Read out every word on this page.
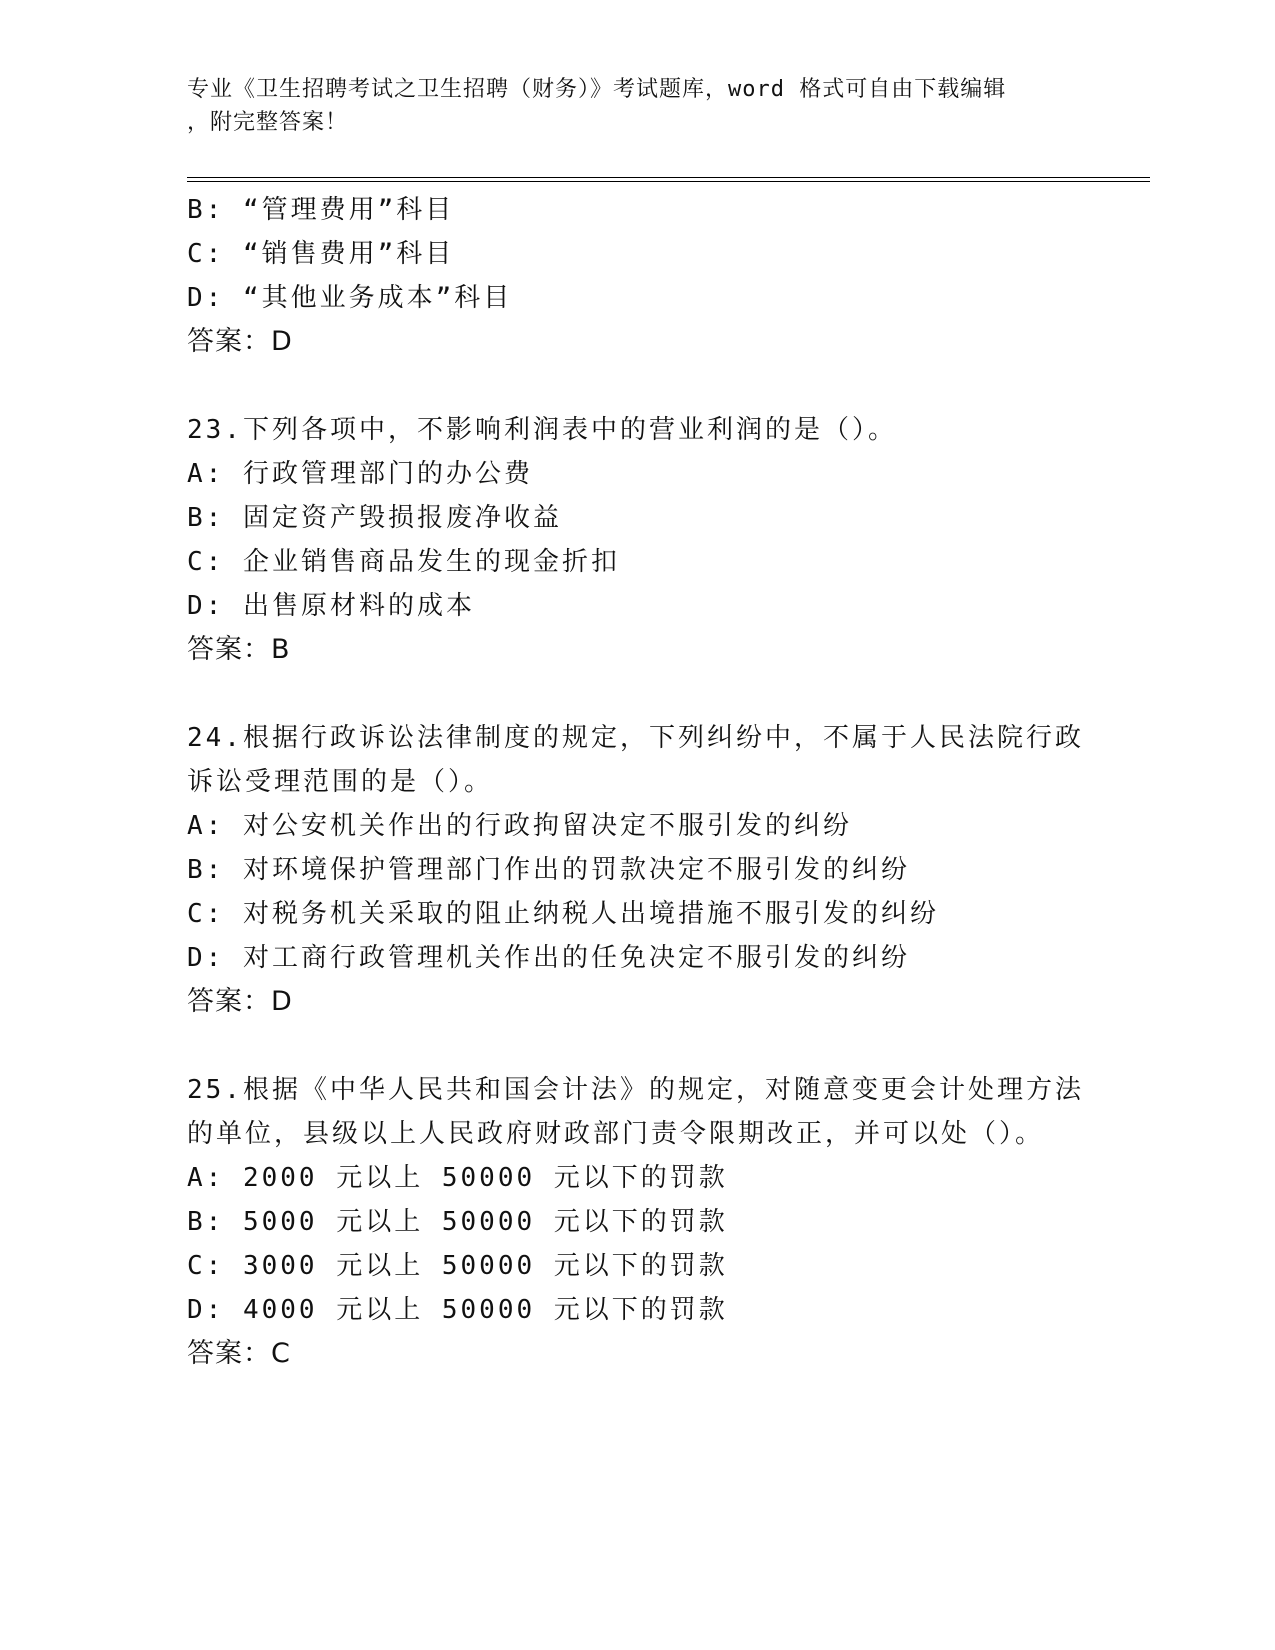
专业《卫生招聘考试之卫生招聘（财务）》考试题库，word 格式可自由下载编辑
，附完整答案！
B: “管理费用”科目
C: “销售费用”科目
D: “其他业务成本”科目
答案：D
23.下列各项中，不影响利润表中的营业利润的是（）。
A: 行政管理部门的办公费
B: 固定资产毁损报废净收益
C: 企业销售商品发生的现金折扣
D: 出售原材料的成本
答案：B
24.根据行政诉讼法律制度的规定，下列纠纷中，不属于人民法院行政
诉讼受理范围的是（）。
A: 对公安机关作出的行政拘留决定不服引发的纠纷
B: 对环境保护管理部门作出的罚款决定不服引发的纠纷
C: 对税务机关采取的阻止纳税人出境措施不服引发的纠纷
D: 对工商行政管理机关作出的任免决定不服引发的纠纷
答案：D
25.根据《中华人民共和国会计法》的规定，对随意变更会计处理方法
的单位，县级以上人民政府财政部门责令限期改正，并可以处（）。
A: 2000 元以上 50000 元以下的罚款
B: 5000 元以上 50000 元以下的罚款
C: 3000 元以上 50000 元以下的罚款
D: 4000 元以上 50000 元以下的罚款
答案：C
